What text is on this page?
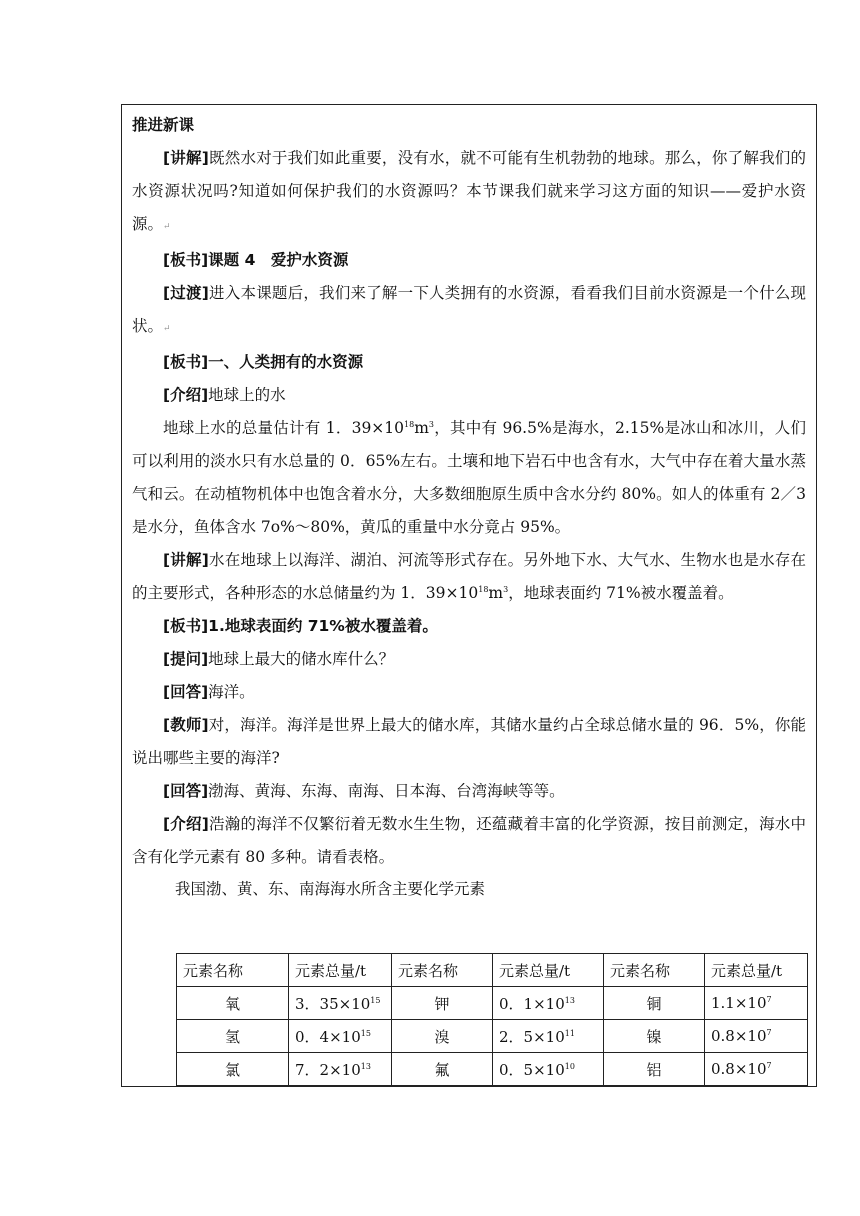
推进新课

[讲解]既然水对于我们如此重要，没有水，就不可能有生机勃勃的地球。那么，你了解我们的水资源状况吗?知道如何保护我们的水资源吗？本节课我们就来学习这方面的知识——爱护水资源。↵

[板书]课题 4　爱护水资源

[过渡]进入本课题后，我们来了解一下人类拥有的水资源，看看我们目前水资源是一个什么现状。↵

[板书]一、人类拥有的水资源

[介绍]地球上的水

地球上水的总量估计有 1．$39\times 10^{18}m^3$，其中有 96.5%是海水，2.15%是冰山和冰川，人们可以利用的淡水只有水总量的 0．65%左右。土壤和地下岩石中也含有水，大气中存在着大量水蒸气和云。在动植物机体中也饱含着水分，大多数细胞原生质中含水分约 80%。如人的体重有 2／3 是水分，鱼体含水 7o%～80%，黄瓜的重量中水分竟占 95%。

[讲解]水在地球上以海洋、湖泊、河流等形式存在。另外地下水、大气水、生物水也是水存在的主要形式，各种形态的水总储量约为 1．$39\times 10^{18}m^3$，地球表面约 71%被水覆盖着。

[板书]1.地球表面约 71%被水覆盖着。

[提问]地球上最大的储水库什么？

[回答]海洋。

[教师]对，海洋。海洋是世界上最大的储水库，其储水量约占全球总储水量的 96．5%，你能说出哪些主要的海洋?

[回答]渤海、黄海、东海、南海、日本海、台湾海峡等等。

[介绍]浩瀚的海洋不仅繁衍着无数水生生物，还蕴藏着丰富的化学资源，按目前测定，海水中含有化学元素有 80 多种。请看表格。

我国渤、黄、东、南海海水所含主要化学元素

元素名称	元素总量/t	元素名称	元素总量/t	元素名称	元素总量/t
氧	3．$35\times 10^{15}$	钾	0．$1\times 10^{13}$	铜	$1.1\times 10^7$
氢	0．$4\times 10^{15}$	溴	2．$5\times 10^{11}$	镍	$0.8\times 10^7$
氯	7．$2\times 10^{13}$	氟	0．$5\times 10^{10}$	铝	$0.8\times 10^7$
